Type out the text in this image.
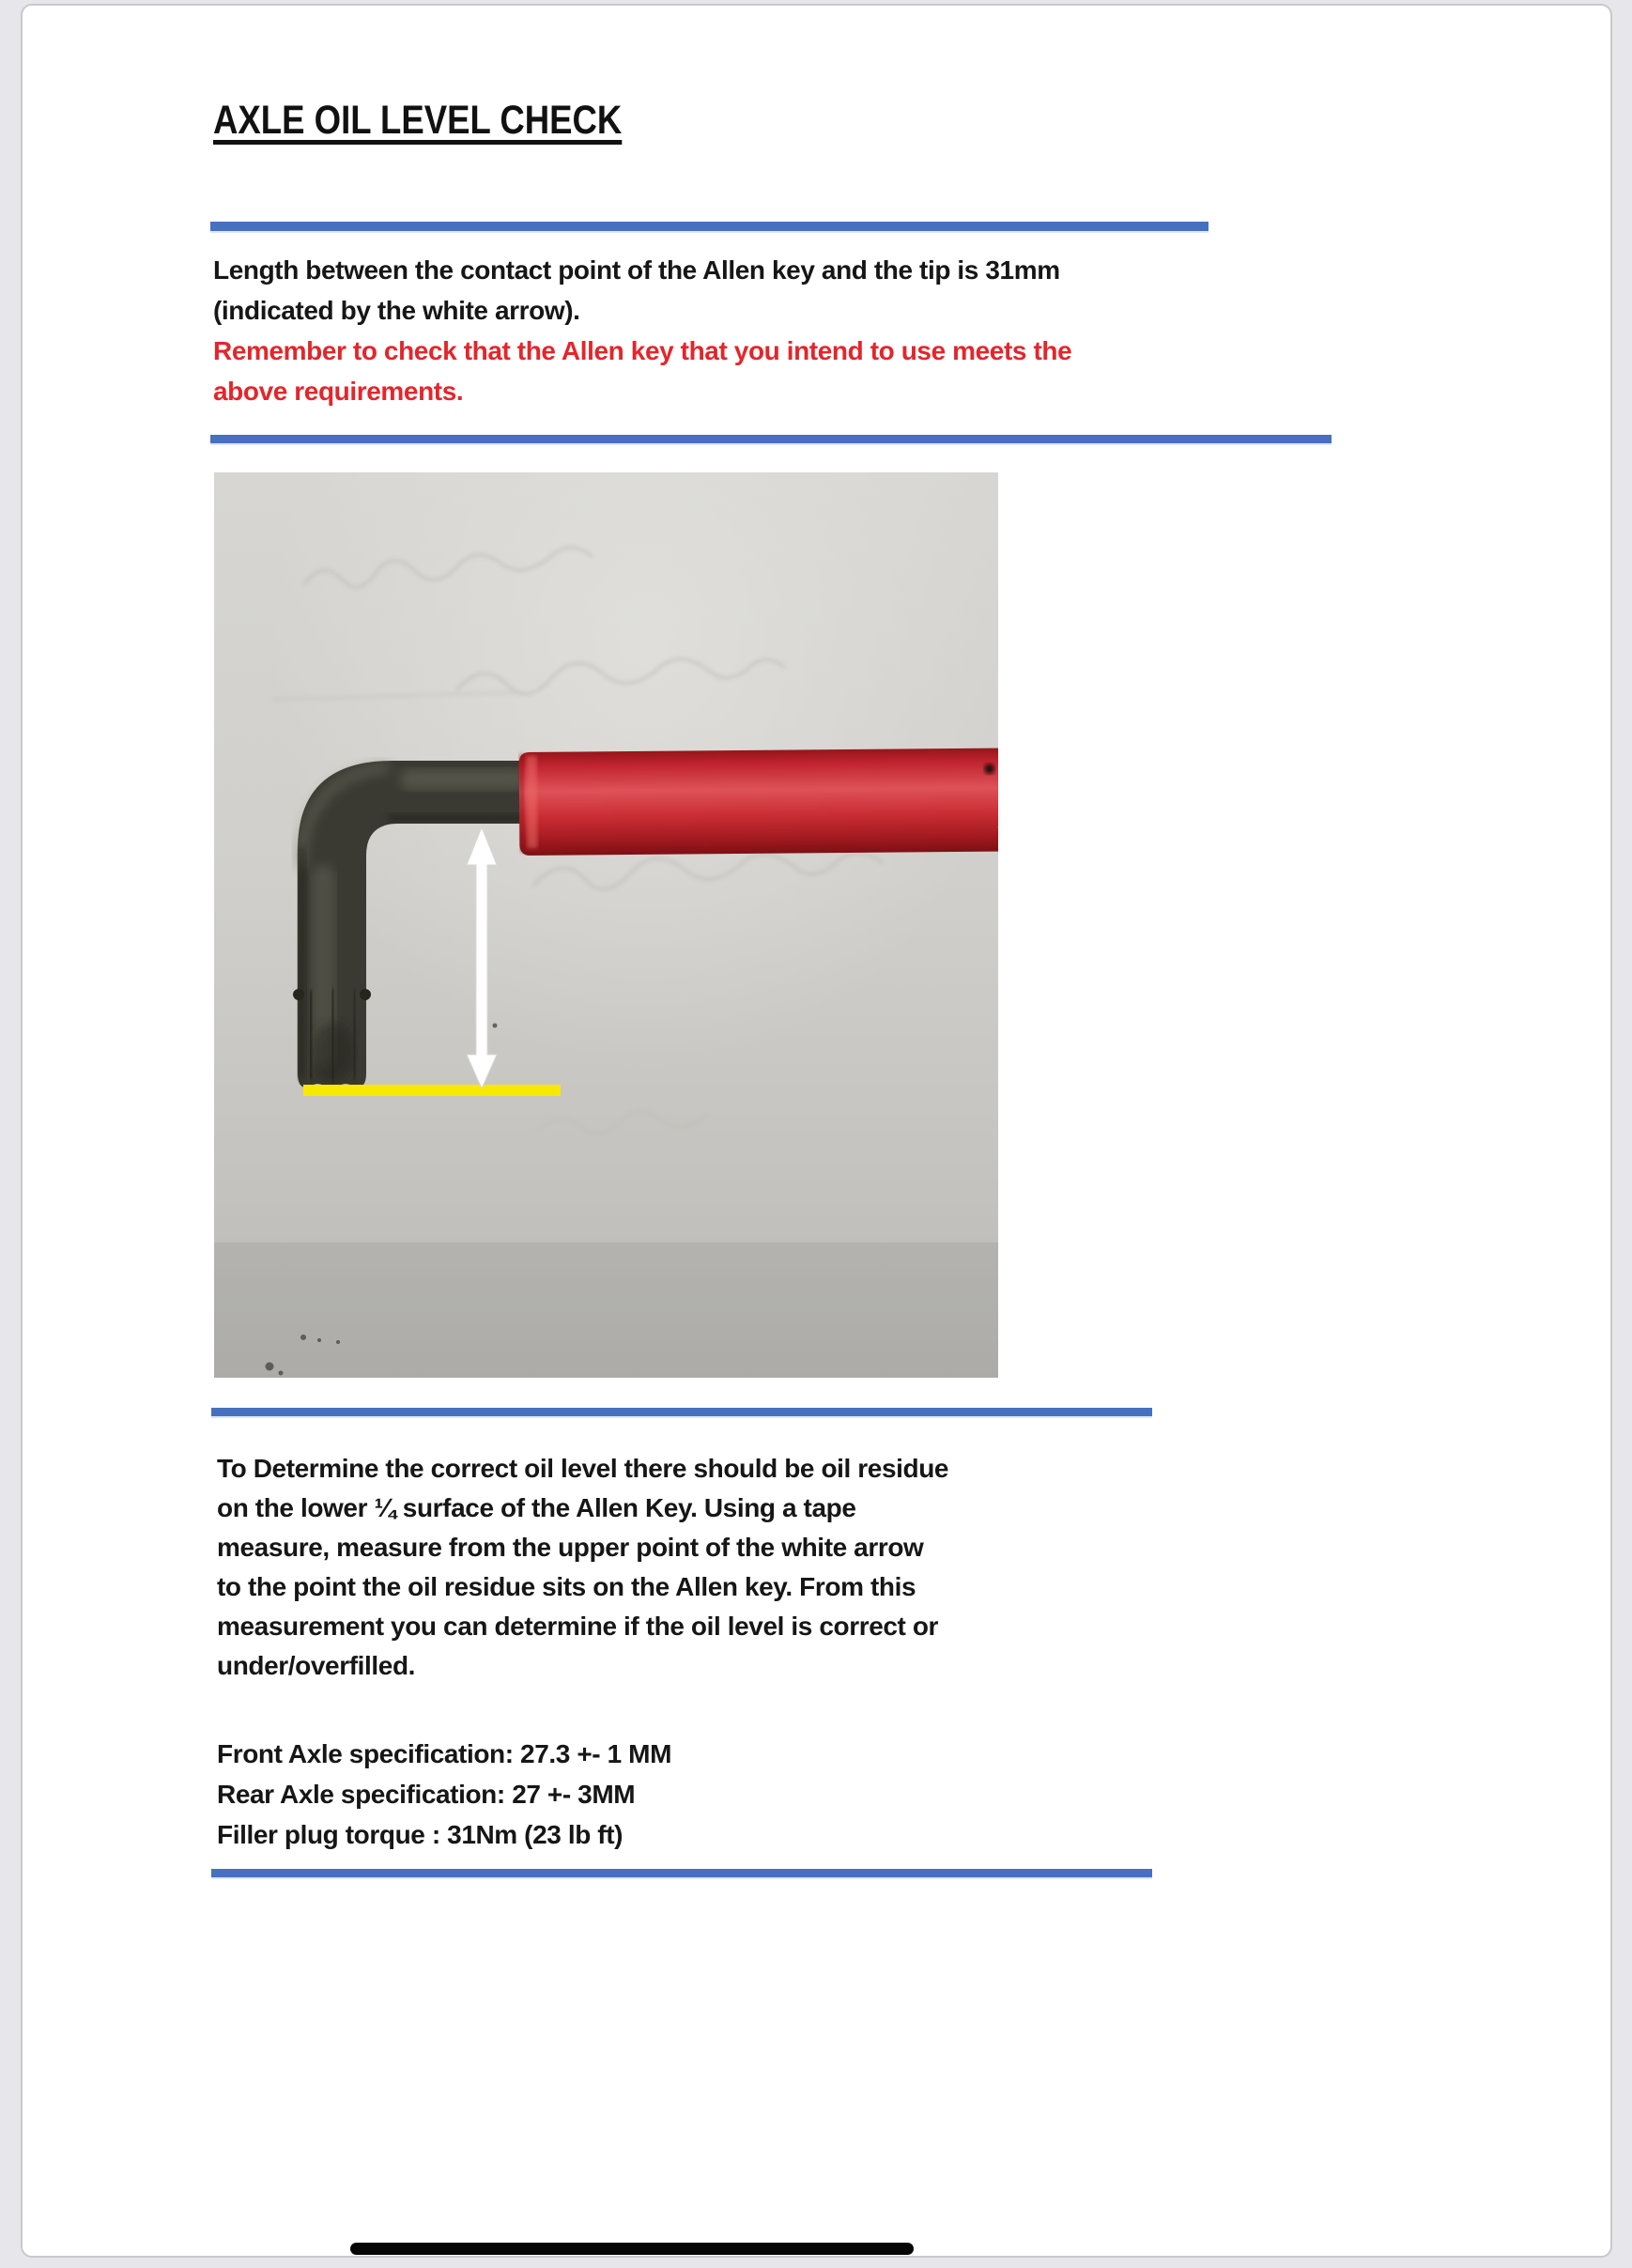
AXLE OIL LEVEL CHECK
Length between the contact point of the Allen key and the tip is 31mm
(indicated by the white arrow).
Remember to check that the Allen key that you intend to use meets the
above requirements.
To Determine the correct oil level there should be oil residue
on the lower ¼ surface of the Allen Key. Using a tape
measure, measure from the upper point of the white arrow
to the point the oil residue sits on the Allen key. From this
measurement you can determine if the oil level is correct or
under/overfilled.
Front Axle specification: 27.3 +- 1 MM
Rear Axle specification: 27 +- 3MM
Filler plug torque : 31Nm (23 lb ft)
